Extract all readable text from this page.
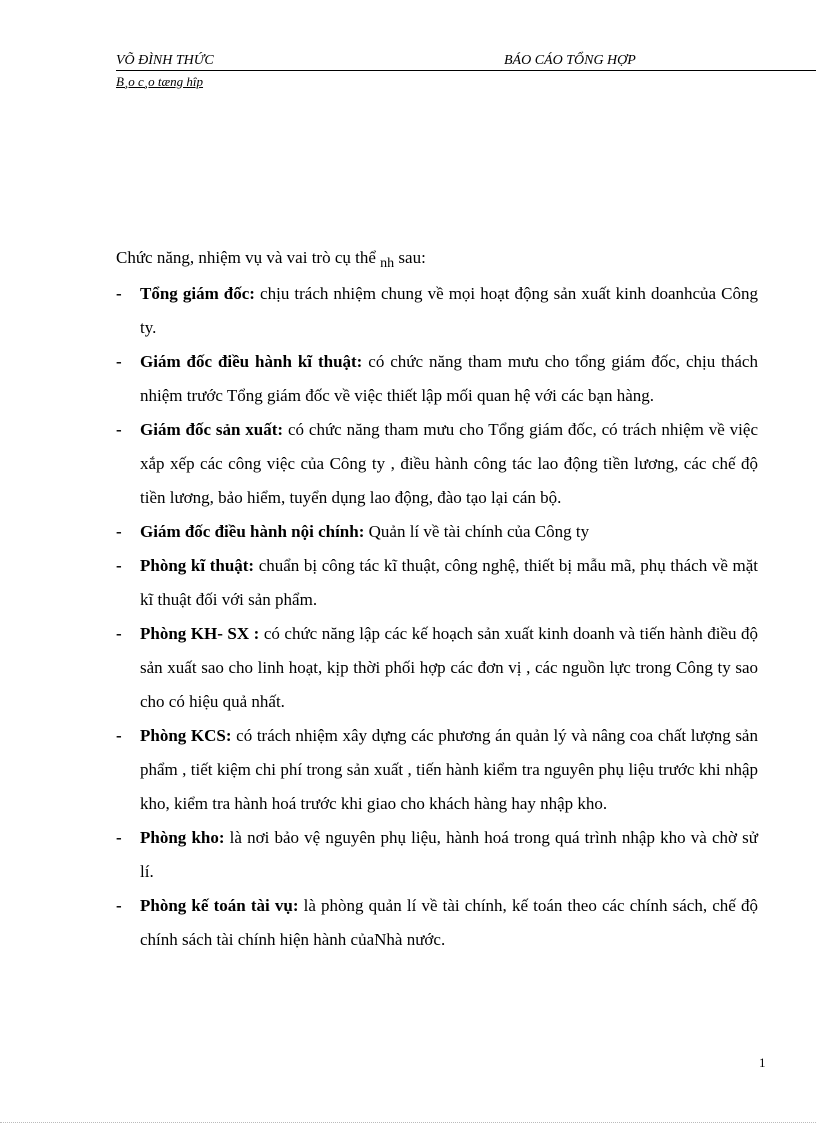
VÕ ĐÌNH THỨC	BÁO CÁO TỔNG HỢP
B¸o c¸o tæng hîp

Chức năng, nhiệm vụ và vai trò cụ thể $_{nh}$ sau:

- Tổng giám đốc: chịu trách nhiệm chung về mọi hoạt động sản xuất kinh doanhcủa Công ty.
- Giám đốc điều hành kĩ thuật: có chức năng tham mưu cho tổng giám đốc, chịu thách nhiệm trước Tổng giám đốc về việc thiết lập mối quan hệ với các bạn hàng.
- Giám đốc sản xuất: có chức năng tham mưu cho Tổng giám đốc, có trách nhiệm về việc xắp xếp các công việc của Công ty , điều hành công tác lao động tiền lương, các chế độ tiền lương, bảo hiểm, tuyển dụng lao động, đào tạo lại cán bộ.
- Giám đốc điều hành nội chính: Quản lí về tài chính của Công ty
- Phòng kĩ thuật: chuẩn bị công tác kĩ thuật, công nghệ, thiết bị mẫu mã, phụ thách về mặt kĩ thuật đối với sản phẩm.
- Phòng KH- SX : có chức năng lập các kế hoạch sản xuất kinh doanh và tiến hành điều độ sản xuất sao cho linh hoạt, kịp thời phối hợp các đơn vị , các nguồn lực trong Công ty sao cho có hiệu quả nhất.
- Phòng KCS: có trách nhiệm xây dựng các phương án quản lý và nâng coa chất lượng sản phẩm , tiết kiệm chi phí trong sản xuất , tiến hành kiểm tra nguyên phụ liệu trước khi nhập kho, kiểm tra hành hoá trước khi giao cho khách hàng hay nhập kho.
- Phòng kho: là nơi bảo vệ nguyên phụ liệu, hành hoá trong quá trình nhập kho và chờ sử lí.
- Phòng kế toán tài vụ: là phòng quản lí về tài chính, kế toán theo các chính sách, chế độ chính sách tài chính hiện hành củaNhà nước.
1
